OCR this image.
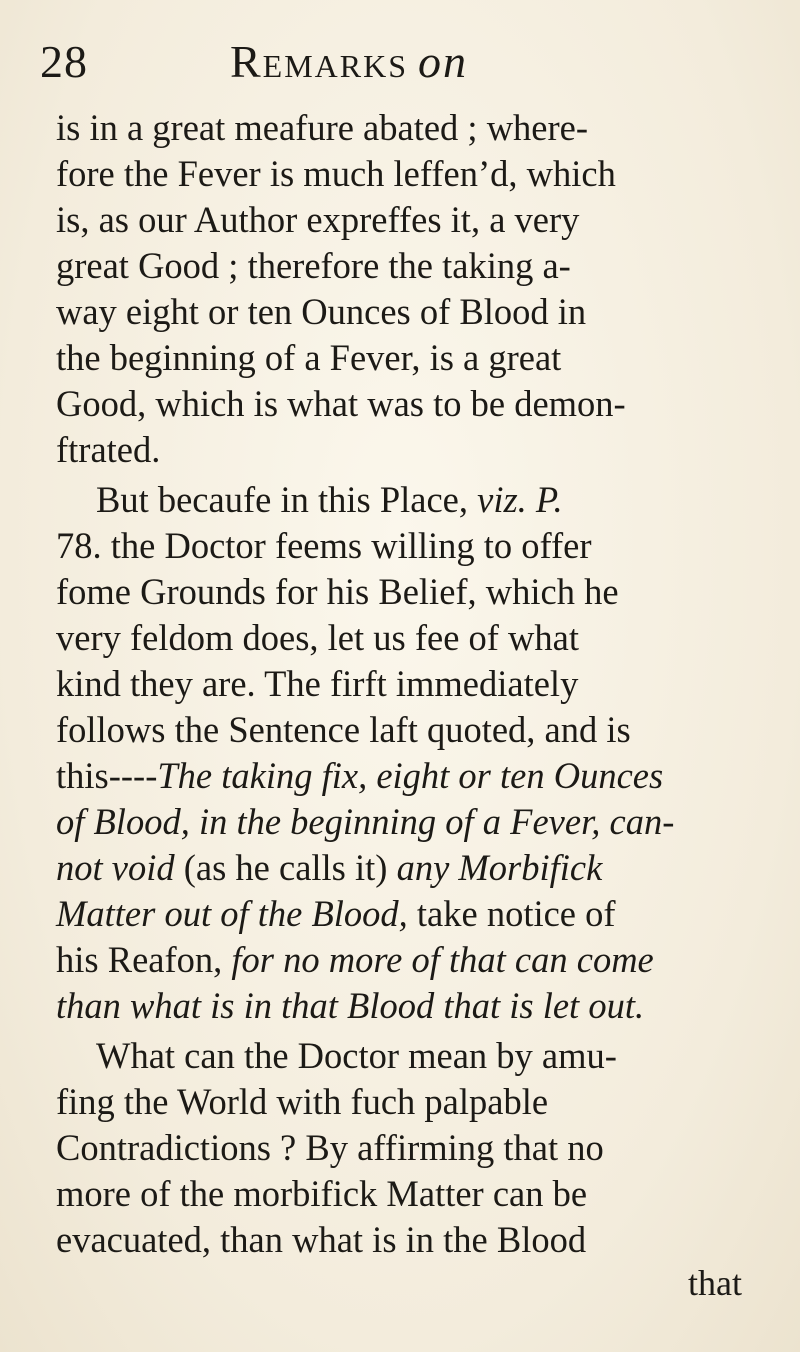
28	Remarks on
is in a great meafure abated ; where-
fore the Fever is much leffen’d, which
is, as our Author expreffes it, a very
great Good ; therefore the taking a-
way eight or ten Ounces of Blood in
the beginning of a Fever, is a great
Good, which is what was to be demon-
ftrated.
But becaufe in this Place, viz. P.
78. the Doctor feems willing to offer
fome Grounds for his Belief, which he
very feldom does, let us fee of what
kind they are. The firft immediately
follows the Sentence laft quoted, and is
this----The taking fix, eight or ten Ounces
of Blood, in the beginning of a Fever, can-
not void (as he calls it) any Morbifick
Matter out of the Blood, take notice of
his Reafon, for no more of that can come
than what is in that Blood that is let out.
What can the Doctor mean by amu-
fing the World with fuch palpable
Contradictions ? By affirming that no
more of the morbifick Matter can be
evacuated, than what is in the Blood
that
